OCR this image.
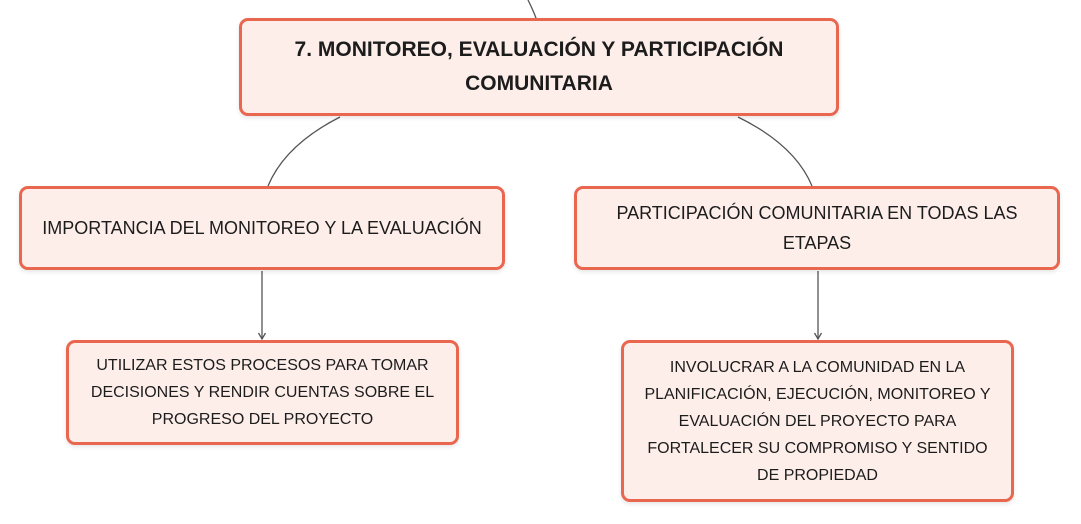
7. MONITOREO, EVALUACIÓN Y PARTICIPACIÓN
COMUNITARIA
IMPORTANCIA DEL MONITOREO Y LA EVALUACIÓN
PARTICIPACIÓN COMUNITARIA EN TODAS LAS
ETAPAS
UTILIZAR ESTOS PROCESOS PARA TOMAR
DECISIONES Y RENDIR CUENTAS SOBRE EL
PROGRESO DEL PROYECTO
INVOLUCRAR A LA COMUNIDAD EN LA
PLANIFICACIÓN, EJECUCIÓN, MONITOREO Y
EVALUACIÓN DEL PROYECTO PARA
FORTALECER SU COMPROMISO Y SENTIDO
DE PROPIEDAD
